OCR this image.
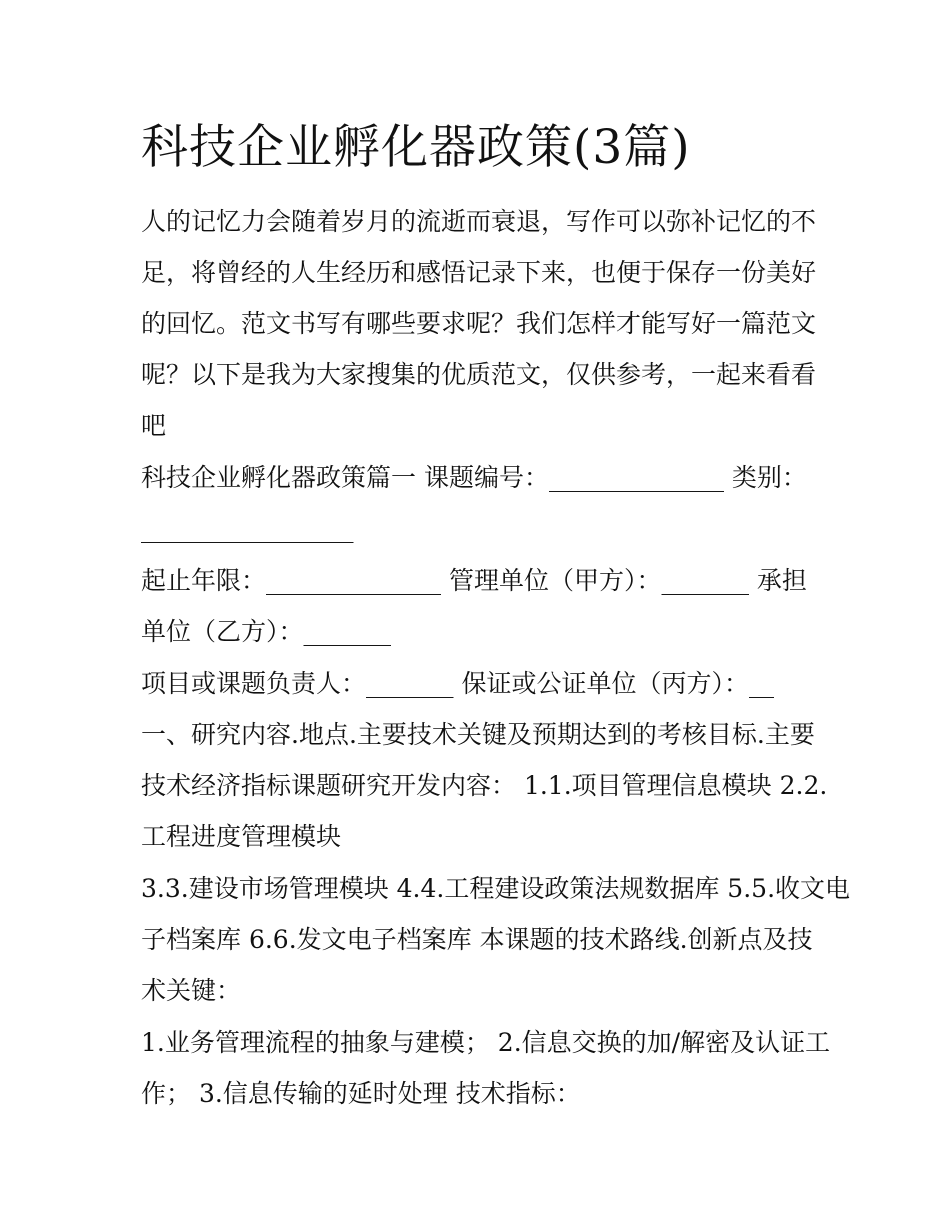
科技企业孵化器政策(3篇)
人的记忆力会随着岁月的流逝而衰退，写作可以弥补记忆的不
足，将曾经的人生经历和感悟记录下来，也便于保存一份美好
的回忆。范文书写有哪些要求呢？我们怎样才能写好一篇范文
呢？以下是我为大家搜集的优质范文，仅供参考，一起来看看
吧
科技企业孵化器政策篇一 课题编号：______________ 类别：
_________________
起止年限：______________ 管理单位（甲方）：_______ 承担
单位（乙方）：_______
项目或课题负责人：_______ 保证或公证单位（丙方）：__
一、研究内容.地点.主要技术关键及预期达到的考核目标.主要
技术经济指标课题研究开发内容： 1.1.项目管理信息模块 2.2.
工程进度管理模块
3.3.建设市场管理模块 4.4.工程建设政策法规数据库 5.5.收文电
子档案库 6.6.发文电子档案库 本课题的技术路线.创新点及技
术关键：
1.业务管理流程的抽象与建模； 2.信息交换的加/解密及认证工
作； 3.信息传输的延时处理 技术指标：
